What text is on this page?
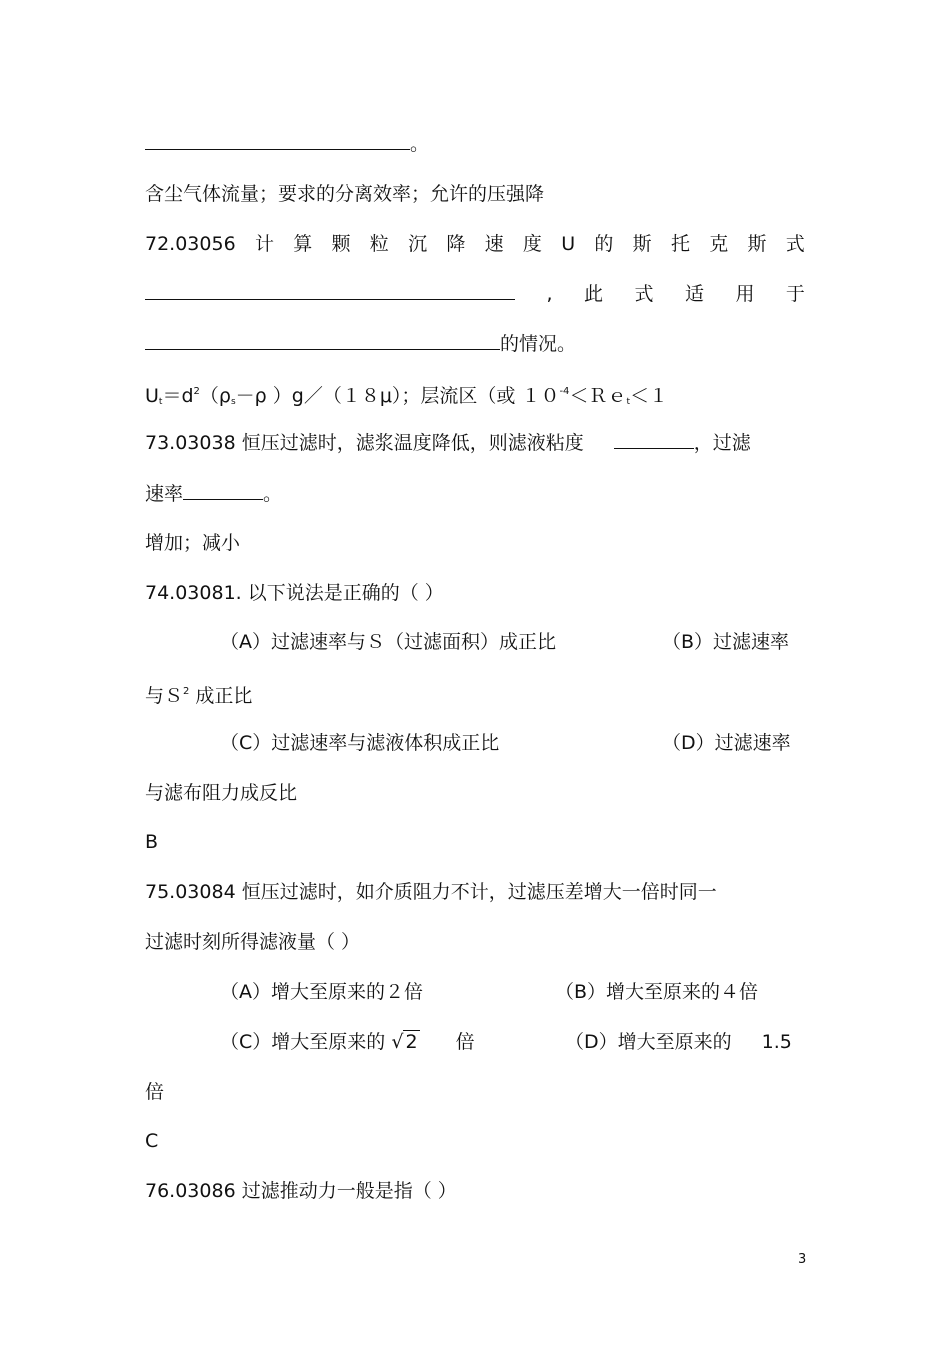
。
含尘气体流量；要求的分离效率；允许的压强降
72.03056 计 算 颗 粒 沉 降 速 度 U 的 斯 托 克 斯 式
, 此 式 适 用 于
的情况。
$U_t=d^2(\rho_s-\rho$ ）g／（１８μ）；层流区（或 $10^{-4}<Re_t<1$
73.03038 恒压过滤时，滤浆温度降低，则滤液粘度	，过滤
速率	。
增加；减小
74.03081. 以下说法是正确的（ ）
（A）过滤速率与Ｓ（过滤面积）成正比	（B）过滤速率
与Ｓ$^2$ 成正比
（C）过滤速率与滤液体积成正比	（D）过滤速率
与滤布阻力成反比
B
75.03084 恒压过滤时，如介质阻力不计，过滤压差增大一倍时同一
过滤时刻所得滤液量（ ）
（A）增大至原来的２倍	（B）增大至原来的４倍
（C）增大至原来的 √ 2 倍	（D）增大至原来的 1.5
倍
C
76.03086 过滤推动力一般是指（ ）
3
